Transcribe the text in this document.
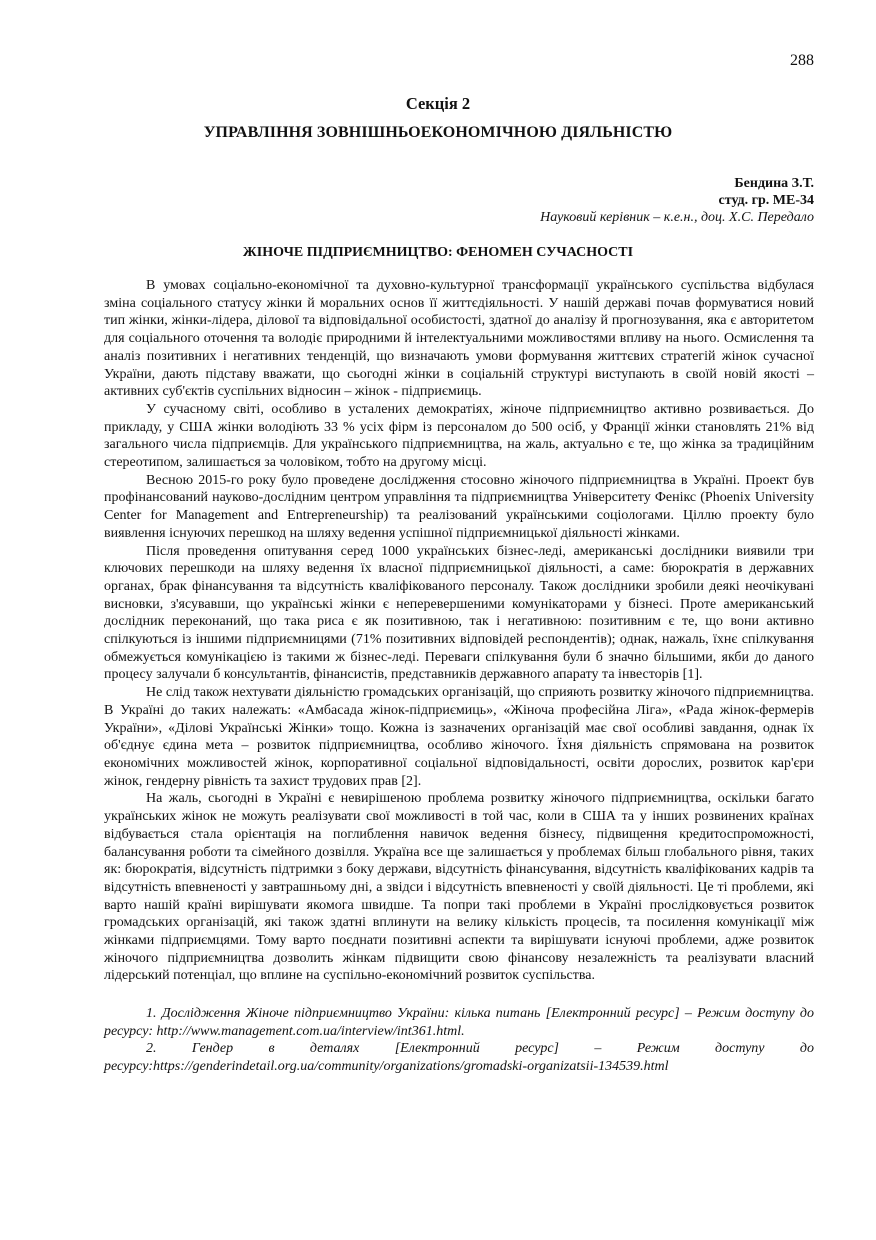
288
Секція 2
УПРАВЛІННЯ ЗОВНІШНЬОЕКОНОМІЧНОЮ ДІЯЛЬНІСТЮ
Бендина З.Т.
студ. гр. МЕ-34
Науковий керівник – к.е.н., доц. Х.С. Передало
ЖІНОЧЕ ПІДПРИЄМНИЦТВО: ФЕНОМЕН СУЧАСНОСТІ

В умовах соціально-економічної та духовно-культурної трансформації українського суспільства відбулася зміна соціального статусу жінки й моральних основ її життєдіяльності. У нашій державі почав формуватися новий тип жінки, жінки-лідера, ділової та відповідальної особистості, здатної до аналізу й прогнозування, яка є авторитетом для соціального оточення та володіє природними й інтелектуальними можливостями впливу на нього. Осмислення та аналіз позитивних і негативних тенденцій, що визначають умови формування життєвих стратегій жінок сучасної України, дають підставу вважати, що сьогодні жінки в соціальній структурі виступають в своїй новій якості – активних суб'єктів суспільних відносин – жінок - підприємиць.

У сучасному світі, особливо в усталених демократіях, жіноче підприємництво активно розвивається. До прикладу, у США жінки володіють 33 % усіх фірм із персоналом до 500 осіб, у Франції жінки становлять 21% від загального числа підприємців. Для українського підприємництва, на жаль, актуально є те, що жінка за традиційним стереотипом, залишається за чоловіком, тобто на другому місці.

Весною 2015-го року було проведене дослідження стосовно жіночого підприємництва в Україні. Проект був профінансований науково-дослідним центром управління та підприємництва Університету Фенікс (Phoenix University Center for Management and Entrepreneurship) та реалізований українськими соціологами. Ціллю проекту було виявлення існуючих перешкод на шляху ведення успішної підприємницької діяльності жінками.

Після проведення опитування серед 1000 українських бізнес-леді, американські дослідники виявили три ключових перешкоди на шляху ведення їх власної підприємницької діяльності, а саме: бюрократія в державних органах, брак фінансування та відсутність кваліфікованого персоналу. Також дослідники зробили деякі неочікувані висновки, з'ясувавши, що українські жінки є неперевершеними комунікаторами у бізнесі. Проте американський дослідник переконаний, що така риса є як позитивною, так і негативною: позитивним є те, що вони активно спілкуються із іншими підприємницями (71% позитивних відповідей респондентів); однак, нажаль, їхнє спілкування обмежується комунікацією із такими ж бізнес-леді. Переваги спілкування були б значно більшими, якби до даного процесу залучали б консультантів, фінансистів, представників державного апарату та інвесторів [1].

Не слід також нехтувати діяльністю громадських організацій, що сприяють розвитку жіночого підприємництва. В Україні до таких належать: «Амбасада жінок-підприємиць», «Жіноча професійна Ліга», «Рада жінок-фермерів України», «Ділові Українські Жінки» тощо. Кожна із зазначених організацій має свої особливі завдання, однак їх об'єднує єдина мета – розвиток підприємництва, особливо жіночого. Їхня діяльність спрямована на розвиток економічних можливостей жінок, корпоративної соціальної відповідальності, освіти дорослих, розвиток кар'єри жінок, гендерну рівність та захист трудових прав [2].

На жаль, сьогодні в Україні є невирішеною проблема розвитку жіночого підприємництва, оскільки багато українських жінок не можуть реалізувати свої можливості в той час, коли в США та у інших розвинених країнах відбувається стала орієнтація на поглиблення навичок ведення бізнесу, підвищення кредитоспроможності, балансування роботи та сімейного дозвілля. Україна все ще залишається у проблемах більш глобального рівня, таких як: бюрократія, відсутність підтримки з боку держави, відсутність фінансування, відсутність кваліфікованих кадрів та відсутність впевненості у завтрашньому дні, а звідси і відсутність впевненості у своїй діяльності. Це ті проблеми, які варто нашій країні вирішувати якомога швидше. Та попри такі проблеми в Україні прослідковується розвиток громадських організацій, які також здатні вплинути на велику кількість процесів, та посилення комунікації між жінками підприємцями. Тому варто поєднати позитивні аспекти та вирішувати існуючі проблеми, адже розвиток жіночого підприємництва дозволить жінкам підвищити свою фінансову незалежність та реалізувати власний лідерський потенціал, що вплине на суспільно-економічний розвиток суспільства.

1. Дослідження Жіноче підприємництво України: кілька питань [Електронний ресурс] – Режим доступу до ресурсу: http://www.management.com.ua/interview/int361.html.

2. Гендер в деталях [Електронний ресурс] – Режим доступу до ресурсу:https://genderindetail.org.ua/community/organizations/gromadski-organizatsii-134539.html
